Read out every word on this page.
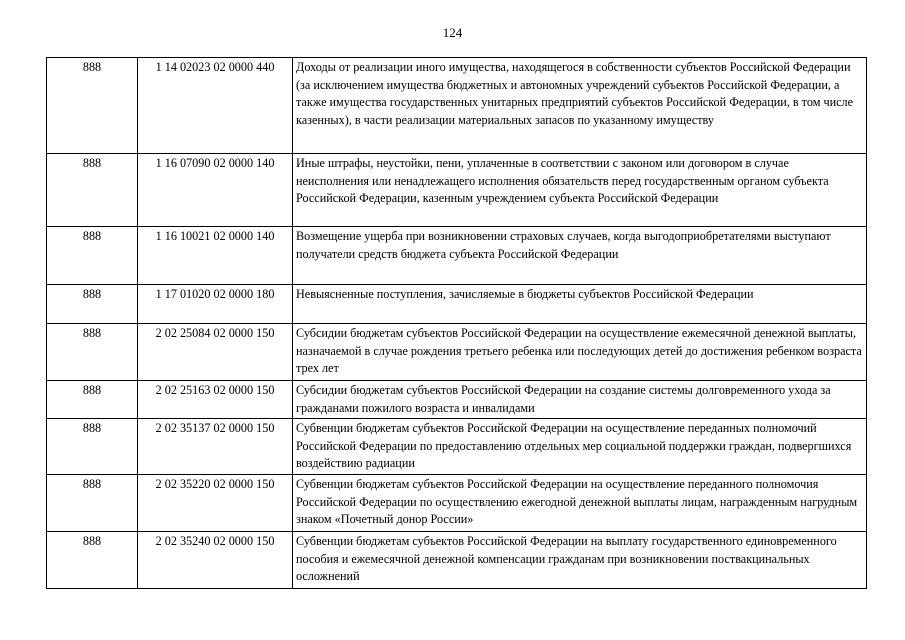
124
888	1 14 02023 02 0000 440	Доходы от реализации иного имущества, находящегося в собственности субъектов Российской Федерации (за исключением имущества бюджетных и автономных учреждений субъектов Российской Федерации, а также имущества государственных унитарных предприятий субъектов Российской Федерации, в том числе казенных), в части реализации материальных запасов по указанному имуществу
888	1 16 07090 02 0000 140	Иные штрафы, неустойки, пени, уплаченные в соответствии с законом или договором в случае неисполнения или ненадлежащего исполнения обязательств перед государственным органом субъекта Российской Федерации, казенным учреждением субъекта Российской Федерации
888	1 16 10021 02 0000 140	Возмещение ущерба при возникновении страховых случаев, когда выгодоприобретателями выступают получатели средств бюджета субъекта Российской Федерации
888	1 17 01020 02 0000 180	Невыясненные поступления, зачисляемые в бюджеты субъектов Российской Федерации
888	2 02 25084 02 0000 150	Субсидии бюджетам субъектов Российской Федерации на осуществление ежемесячной денежной выплаты, назначаемой в случае рождения третьего ребенка или последующих детей до достижения ребенком возраста трех лет
888	2 02 25163 02 0000 150	Субсидии бюджетам субъектов Российской Федерации на создание системы долговременного ухода за гражданами пожилого возраста и инвалидами
888	2 02 35137 02 0000 150	Субвенции бюджетам субъектов Российской Федерации на осуществление переданных полномочий Российской Федерации по предоставлению отдельных мер социальной поддержки граждан, подвергшихся воздействию радиации
888	2 02 35220 02 0000 150	Субвенции бюджетам субъектов Российской Федерации на осуществление переданного полномочия Российской Федерации по осуществлению ежегодной денежной выплаты лицам, награжденным нагрудным знаком «Почетный донор России»
888	2 02 35240 02 0000 150	Субвенции бюджетам субъектов Российской Федерации на выплату государственного единовременного пособия и ежемесячной денежной компенсации гражданам при возникновении поствакцинальных осложнений
